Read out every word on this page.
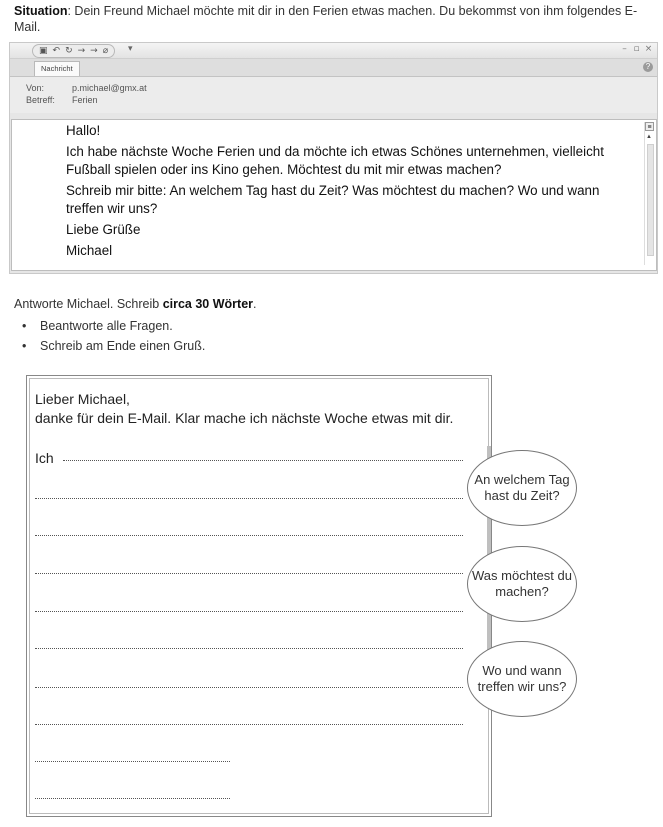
Situation: Dein Freund Michael möchte mit dir in den Ferien etwas machen. Du bekommst von ihm folgendes E-Mail.
▣ ↶ ↻ → → ⌀ ▾	– ▫ ×
Nachricht	?
Von:	p.michael@gmx.at
Betreff: Ferien

Hallo!

Ich habe nächste Woche Ferien und da möchte ich etwas Schönes unternehmen, vielleicht Fußball spielen oder ins Kino gehen. Möchtest du mit mir etwas machen?

Schreib mir bitte: An welchem Tag hast du Zeit? Was möchtest du machen? Wo und wann treffen wir uns?

Liebe Grüße

Michael

≡
▲
Antworte Michael. Schreib circa 30 Wörter.
• Beantworte alle Fragen.
• Schreib am Ende einen Gruß.
Lieber Michael,
danke für dein E-Mail. Klar mache ich nächste Woche etwas mit dir.
Ich
An welchem Tag hast du Zeit?
Was möchtest du machen?
Wo und wann treffen wir uns?
